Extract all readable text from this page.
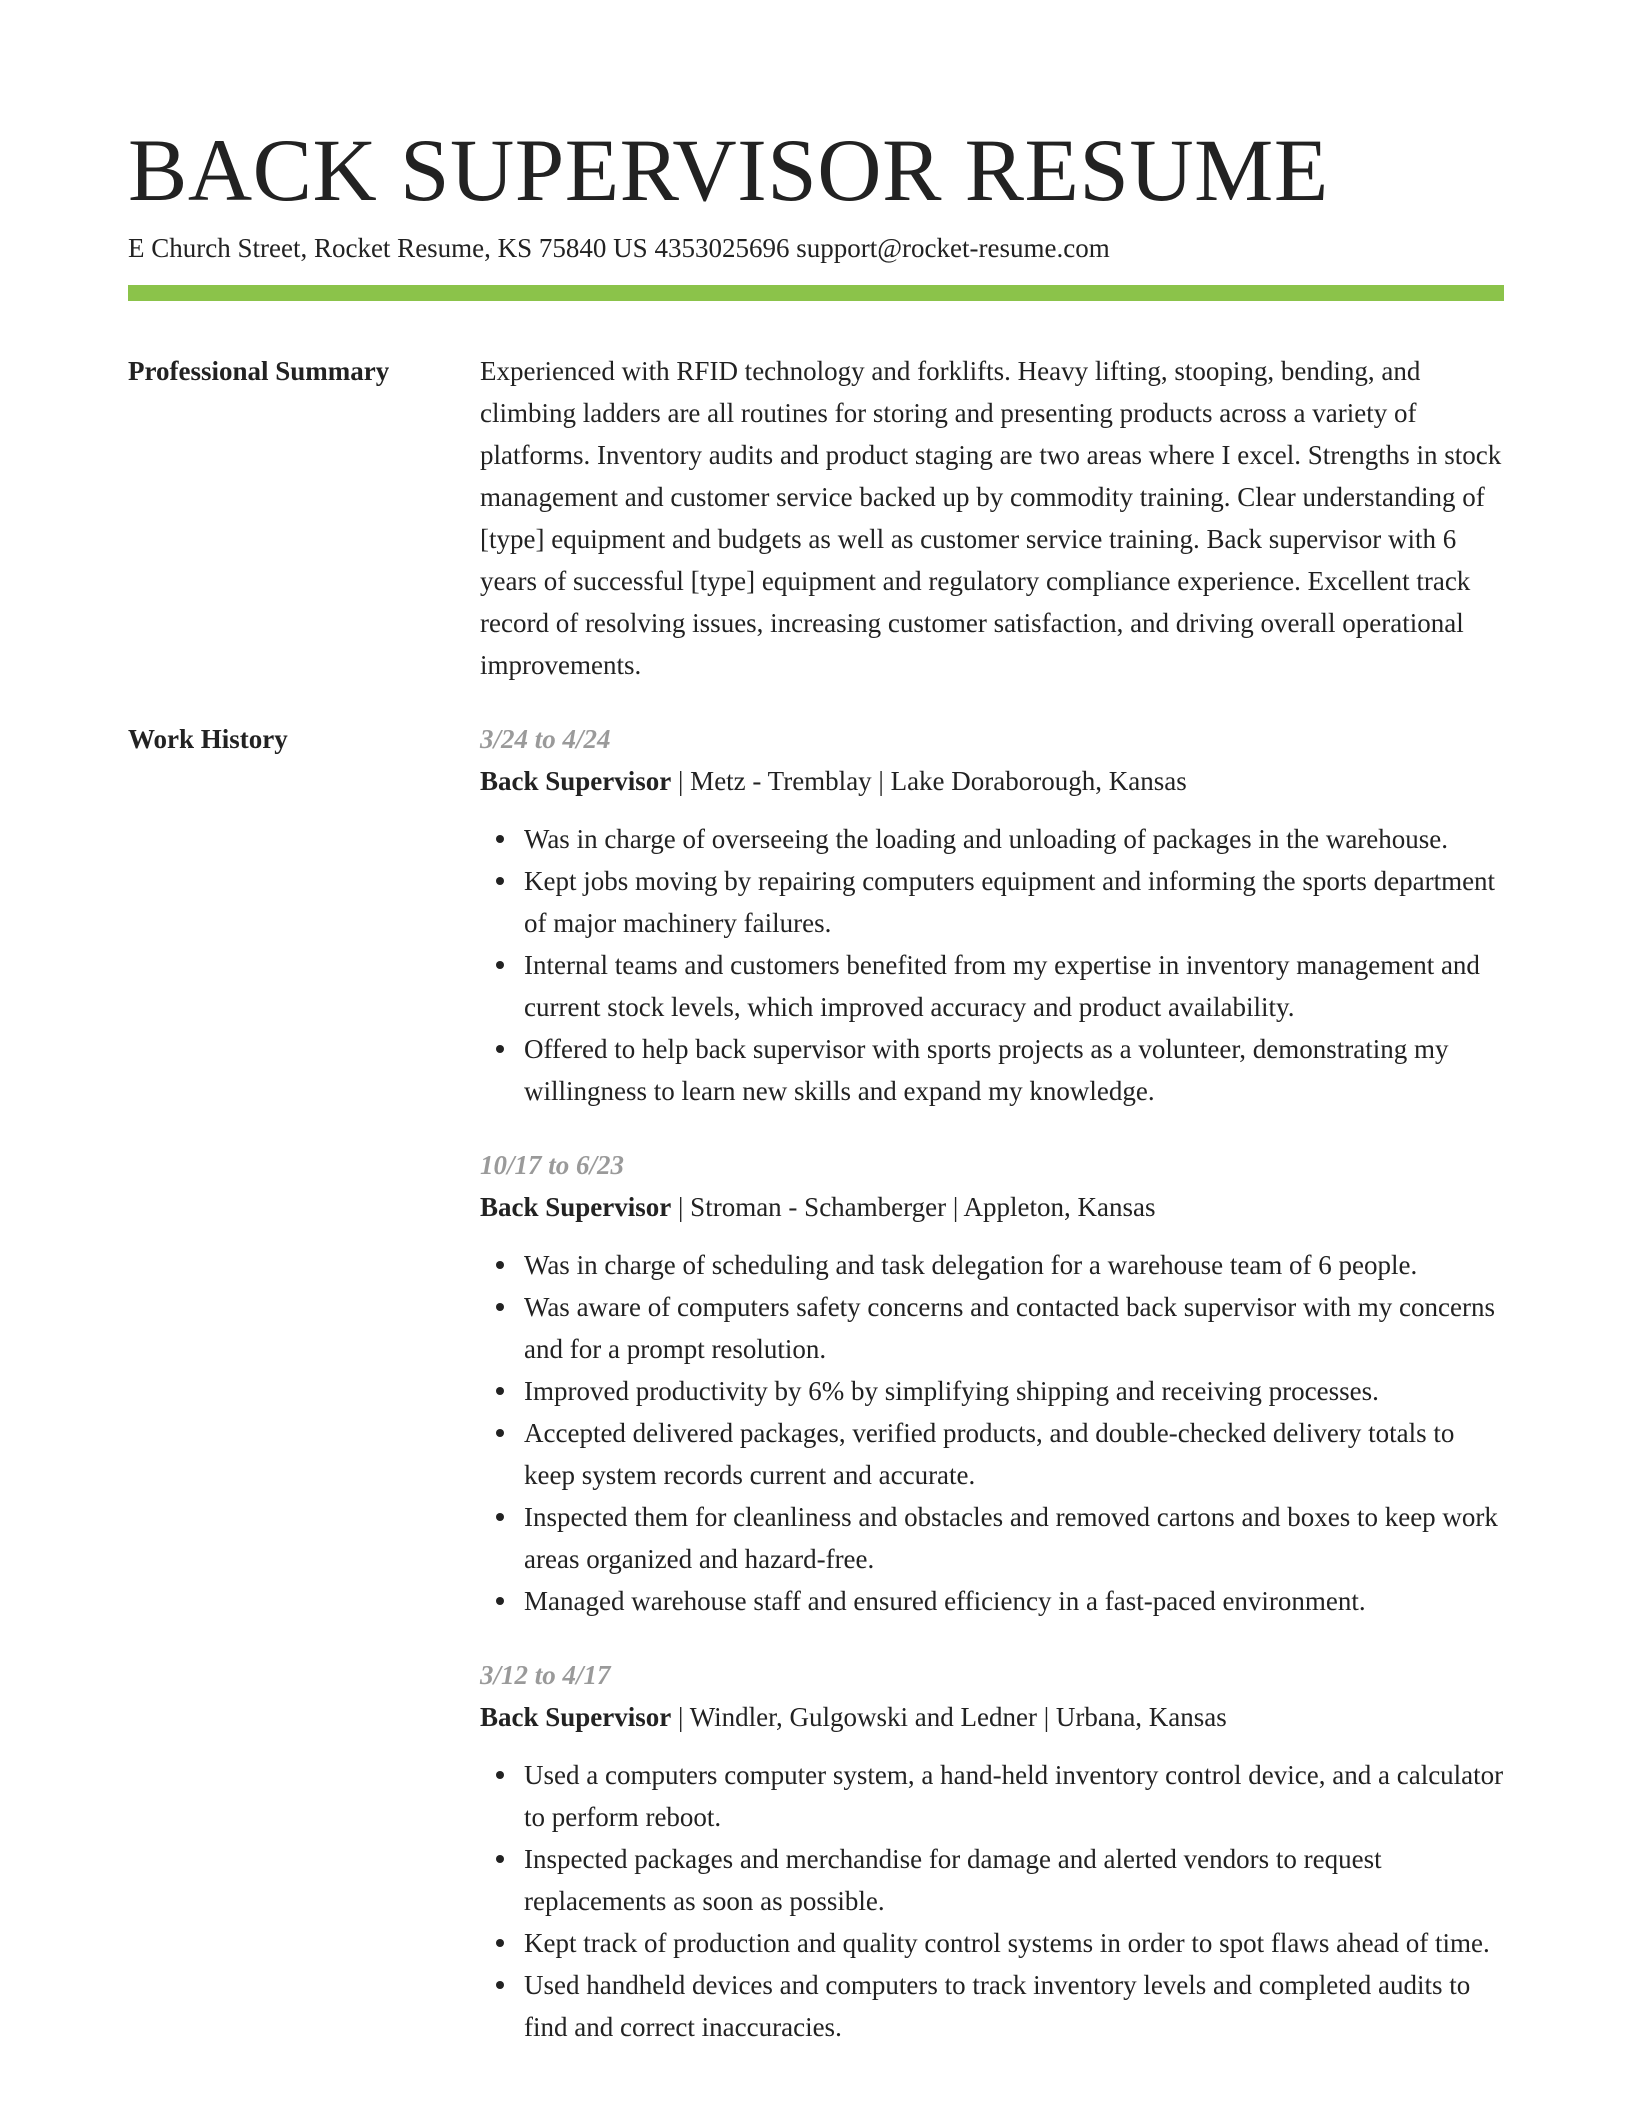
BACK SUPERVISOR RESUME
E Church Street, Rocket Resume, KS 75840 US 4353025696 support@rocket-resume.com
Professional Summary	Experienced with RFID technology and forklifts. Heavy lifting, stooping, bending, and climbing ladders are all routines for storing and presenting products across a variety of platforms. Inventory audits and product staging are two areas where I excel. Strengths in stock management and customer service backed up by commodity training. Clear understanding of [type] equipment and budgets as well as customer service training. Back supervisor with 6 years of successful [type] equipment and regulatory compliance experience. Excellent track record of resolving issues, increasing customer satisfaction, and driving overall operational improvements.

Work History	3/24 to 4/24
Back Supervisor | Metz - Tremblay | Lake Doraborough, Kansas
Was in charge of overseeing the loading and unloading of packages in the warehouse.
Kept jobs moving by repairing computers equipment and informing the sports department of major machinery failures.
Internal teams and customers benefited from my expertise in inventory management and current stock levels, which improved accuracy and product availability.
Offered to help back supervisor with sports projects as a volunteer, demonstrating my willingness to learn new skills and expand my knowledge.
10/17 to 6/23
Back Supervisor | Stroman - Schamberger | Appleton, Kansas
Was in charge of scheduling and task delegation for a warehouse team of 6 people.
Was aware of computers safety concerns and contacted back supervisor with my concerns and for a prompt resolution.
Improved productivity by 6% by simplifying shipping and receiving processes.
Accepted delivered packages, verified products, and double-checked delivery totals to keep system records current and accurate.
Inspected them for cleanliness and obstacles and removed cartons and boxes to keep work areas organized and hazard-free.
Managed warehouse staff and ensured efficiency in a fast-paced environment.
3/12 to 4/17
Back Supervisor | Windler, Gulgowski and Ledner | Urbana, Kansas
Used a computers computer system, a hand-held inventory control device, and a calculator to perform reboot.
Inspected packages and merchandise for damage and alerted vendors to request replacements as soon as possible.
Kept track of production and quality control systems in order to spot flaws ahead of time.
Used handheld devices and computers to track inventory levels and completed audits to find and correct inaccuracies.
